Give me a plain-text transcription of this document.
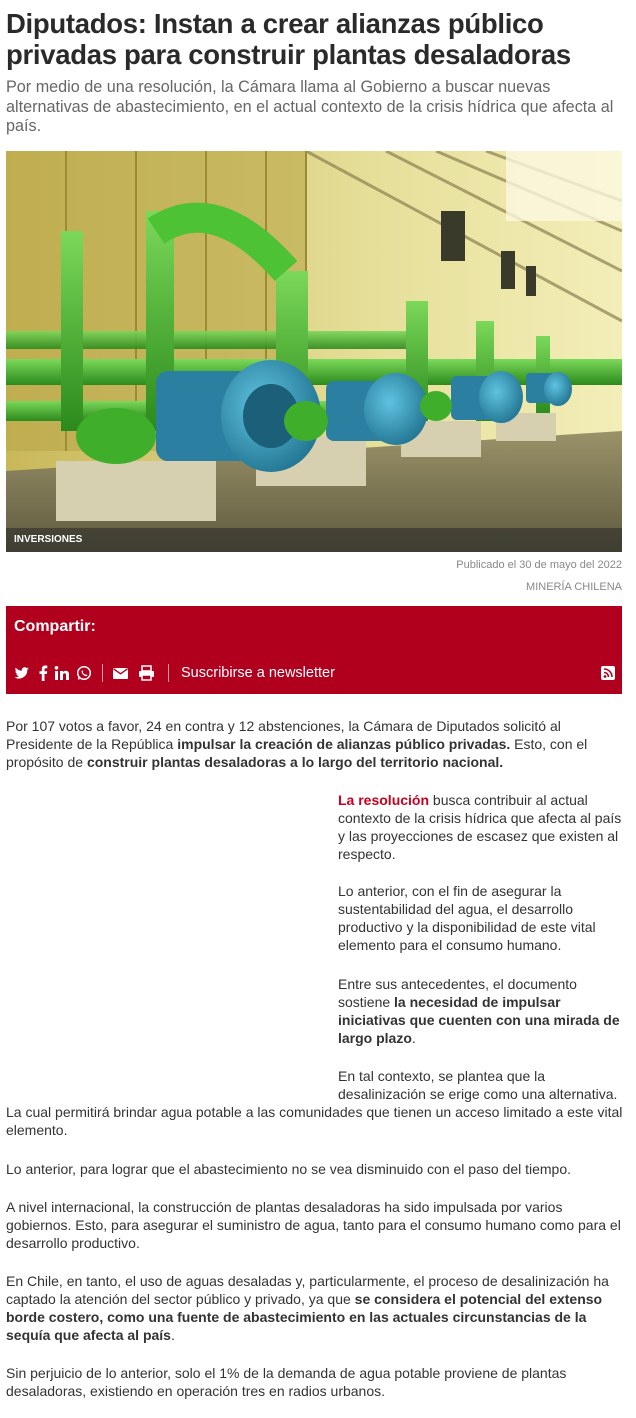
Diputados: Instan a crear alianzas público privadas para construir plantas desaladoras

Por medio de una resolución, la Cámara llama al Gobierno a buscar nuevas alternativas de abastecimiento, en el actual contexto de la crisis hídrica que afecta al país.

INVERSIONES
Publicado el 30 de mayo del 2022
MINERÍA CHILENA
Compartir:
Suscribirse a newsletter

Por 107 votos a favor, 24 en contra y 12 abstenciones, la Cámara de Diputados solicitó al Presidente de la República impulsar la creación de alianzas público privadas. Esto, con el propósito de construir plantas desaladoras a lo largo del territorio nacional.

La resolución busca contribuir al actual contexto de la crisis hídrica que afecta al país y las proyecciones de escasez que existen al respecto.

Lo anterior, con el fin de asegurar la sustentabilidad del agua, el desarrollo productivo y la disponibilidad de este vital elemento para el consumo humano.

Entre sus antecedentes, el documento sostiene la necesidad de impulsar iniciativas que cuenten con una mirada de largo plazo.

En tal contexto, se plantea que la

desalinización se erige como una alternativa.

La cual permitirá brindar agua potable a las comunidades que tienen un acceso limitado a este vital elemento.

Lo anterior, para lograr que el abastecimiento no se vea disminuido con el paso del tiempo.

A nivel internacional, la construcción de plantas desaladoras ha sido impulsada por varios gobiernos. Esto, para asegurar el suministro de agua, tanto para el consumo humano como para el desarrollo productivo.

En Chile, en tanto, el uso de aguas desaladas y, particularmente, el proceso de desalinización ha captado la atención del sector público y privado, ya que se considera el potencial del extenso borde costero, como una fuente de abastecimiento en las actuales circunstancias de la sequía que afecta al país.

Sin perjuicio de lo anterior, solo el 1% de la demanda de agua potable proviene de plantas desaladoras, existiendo en operación tres en radios urbanos.
